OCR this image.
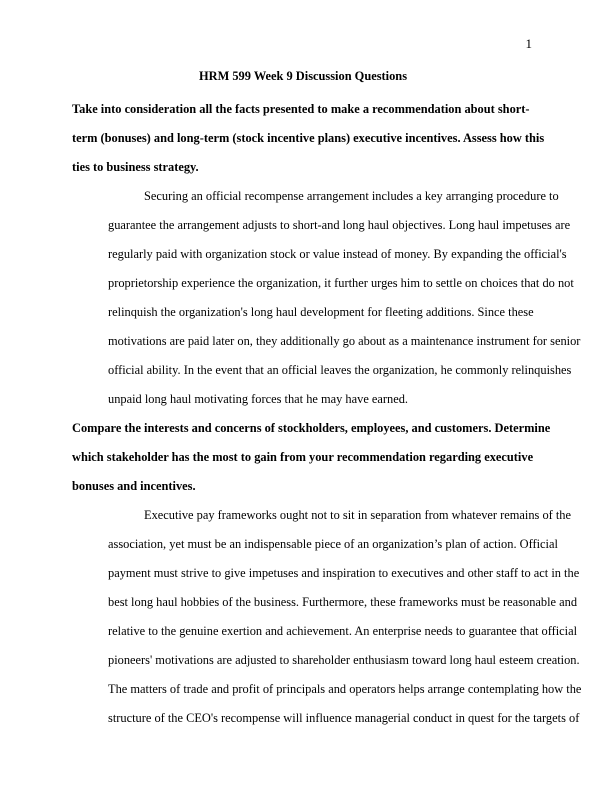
1
HRM 599 Week 9 Discussion Questions

Take into consideration all the facts presented to make a recommendation about short-
term (bonuses) and long-term (stock incentive plans) executive incentives. Assess how this
ties to business strategy.

Securing an official recompense arrangement includes a key arranging procedure to
guarantee the arrangement adjusts to short-and long haul objectives. Long haul impetuses are
regularly paid with organization stock or value instead of money. By expanding the official's
proprietorship experience the organization, it further urges him to settle on choices that do not
relinquish the organization's long haul development for fleeting additions. Since these
motivations are paid later on, they additionally go about as a maintenance instrument for senior
official ability. In the event that an official leaves the organization, he commonly relinquishes
unpaid long haul motivating forces that he may have earned.

Compare the interests and concerns of stockholders, employees, and customers. Determine
which stakeholder has the most to gain from your recommendation regarding executive
bonuses and incentives.

Executive pay frameworks ought not to sit in separation from whatever remains of the
association, yet must be an indispensable piece of an organization’s plan of action. Official
payment must strive to give impetuses and inspiration to executives and other staff to act in the
best long haul hobbies of the business. Furthermore, these frameworks must be reasonable and
relative to the genuine exertion and achievement. An enterprise needs to guarantee that official
pioneers' motivations are adjusted to shareholder enthusiasm toward long haul esteem creation.
The matters of trade and profit of principals and operators helps arrange contemplating how the
structure of the CEO's recompense will influence managerial conduct in quest for the targets of
